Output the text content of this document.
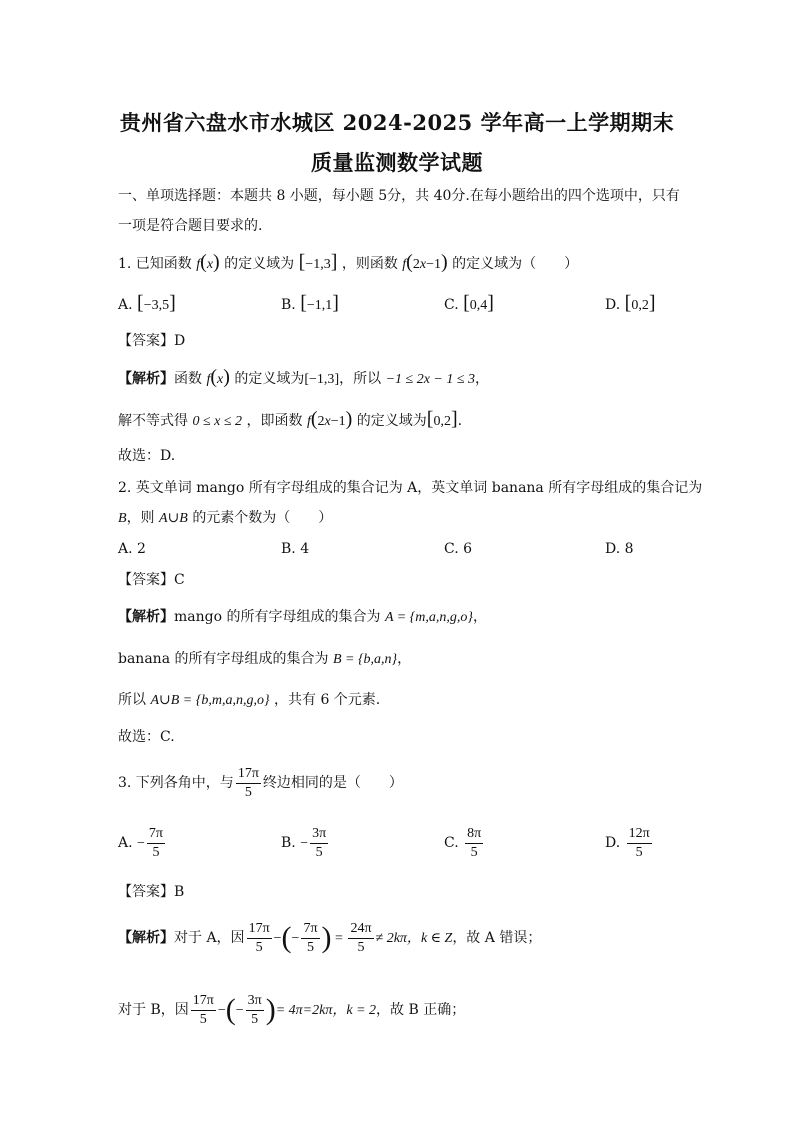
贵州省六盘水市水城区 2024-2025 学年高一上学期期末
质量监测数学试题
一、单项选择题：本题共 8 小题，每小题 5分，共 40分.在每小题给出的四个选项中，只有
一项是符合题目要求的.
1. 已知函数 f(x) 的定义域为 [−1,3] ，则函数 f(2x−1) 的定义域为（　　）
A. [−3,5]	B. [−1,1]	C. [0,4]	D. [0,2]
【答案】D
【解析】函数 f(x) 的定义域为[−1,3]，所以 −1 ≤ 2x − 1 ≤ 3，
解不等式得 0 ≤ x ≤ 2 ，即函数 f(2x−1) 的定义域为[0,2].
故选：D.
2. 英文单词 mango 所有字母组成的集合记为 A，英文单词 banana 所有字母组成的集合记为
B，则 A∪B 的元素个数为（　　）
A. 2	B. 4	C. 6	D. 8
【答案】C
【解析】mango 的所有字母组成的集合为 A = {m,a,n,g,o}，
banana 的所有字母组成的集合为 B = {b,a,n}，
所以 A∪B = {b,m,a,n,g,o} ，共有 6 个元素.
故选：C.
3. 下列各角中，与 $\frac{17\pi}{5}$ 终边相同的是（　　）
A. − $\frac{7\pi}{5}$	B. − $\frac{3\pi}{5}$	C. $\frac{8\pi}{5}$	D. $\frac{12\pi}{5}$
【答案】B
【解析】对于 A，因 $\frac{17\pi}{5}$ −(− $\frac{7\pi}{5}$ ) = $\frac{24\pi}{5} \ne 2k\pi$，k ∈ Z，故 A 错误；
对于 B，因 $\frac{17\pi}{5}$ −(− $\frac{3\pi}{5}$ )= 4π=2kπ，k = 2，故 B 正确；
